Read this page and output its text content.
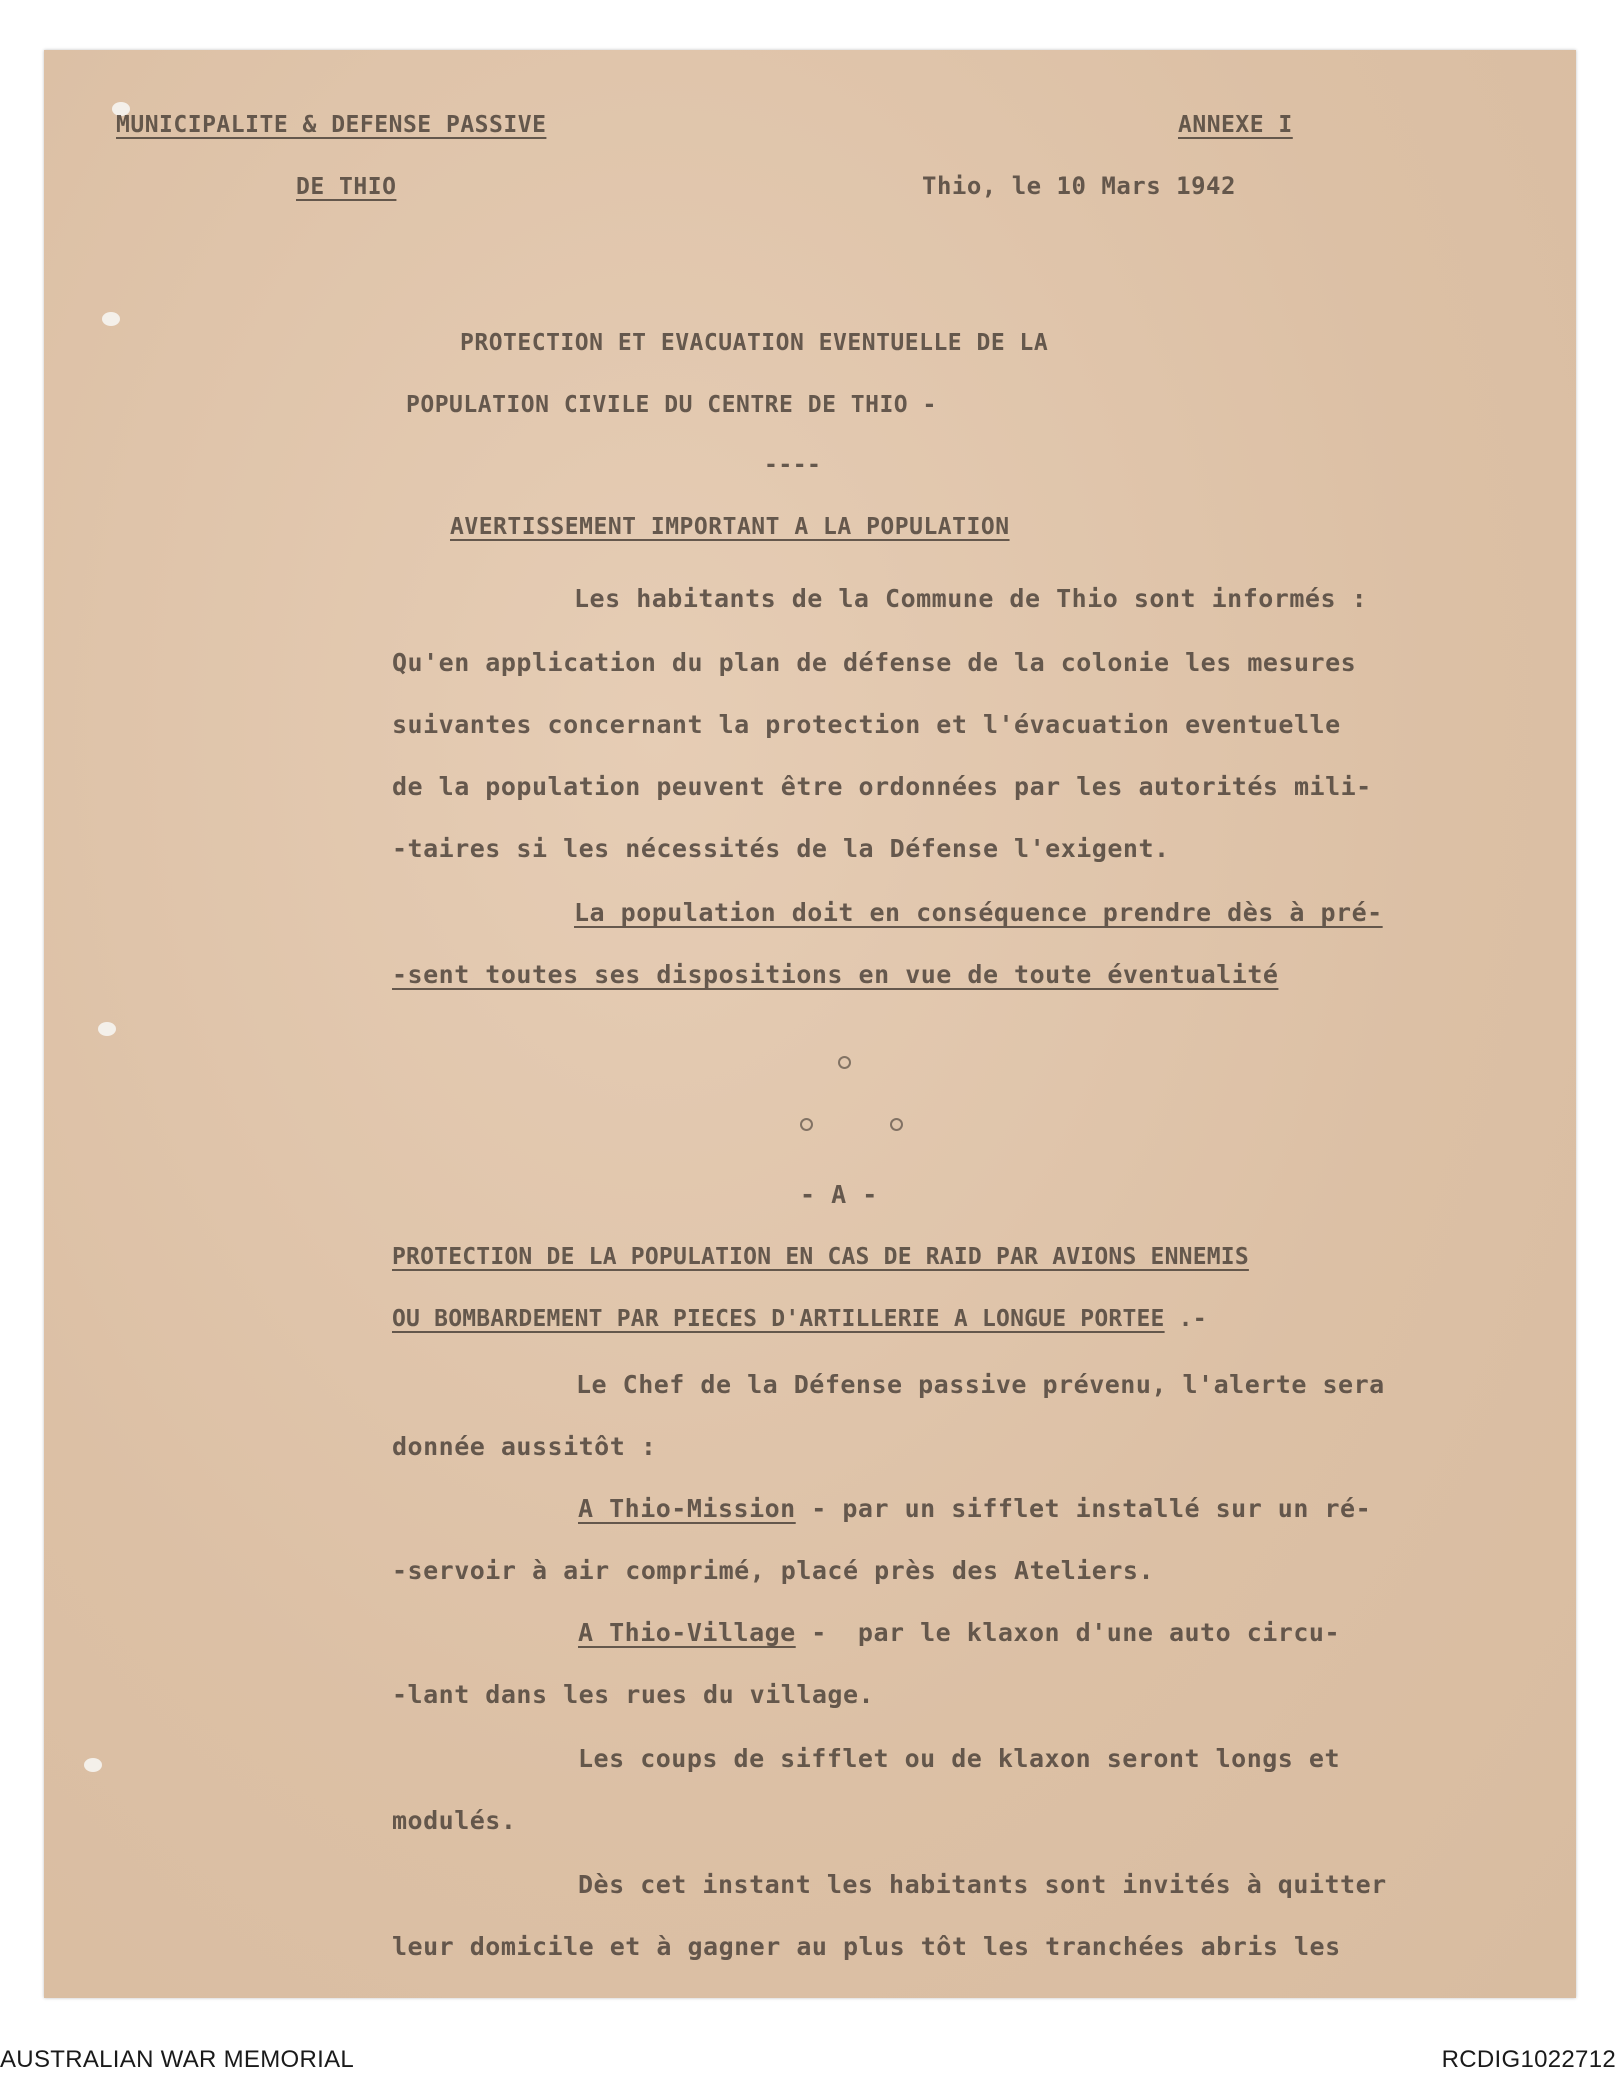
MUNICIPALITE & DEFENSE PASSIVE
DE THIO
ANNEXE I
Thio, le 10 Mars 1942
PROTECTION ET EVACUATION EVENTUELLE DE LA
POPULATION CIVILE DU CENTRE DE THIO -
----
AVERTISSEMENT IMPORTANT A LA POPULATION
Les habitants de la Commune de Thio sont informés :
Qu'en application du plan de défense de la colonie les mesures
suivantes concernant la protection et l'évacuation eventuelle
de la population peuvent être ordonnées par les autorités mili-
-taires si les nécessités de la Défense l'exigent.
La population doit en conséquence prendre dès à pré-
-sent toutes ses dispositions en vue de toute éventualité
- A -
PROTECTION DE LA POPULATION EN CAS DE RAID PAR AVIONS ENNEMIS
OU BOMBARDEMENT PAR PIECES D'ARTILLERIE A LONGUE PORTEE .-
Le Chef de la Défense passive prévenu, l'alerte sera
donnée aussitôt :
A Thio-Mission - par un sifflet installé sur un ré-
-servoir à air comprimé, placé près des Ateliers.
A Thio-Village -  par le klaxon d'une auto circu-
-lant dans les rues du village.
Les coups de sifflet ou de klaxon seront longs et
modulés.
Dès cet instant les habitants sont invités à quitter
leur domicile et à gagner au plus tôt les tranchées abris les
AUSTRALIAN WAR MEMORIAL	RCDIG1022712
